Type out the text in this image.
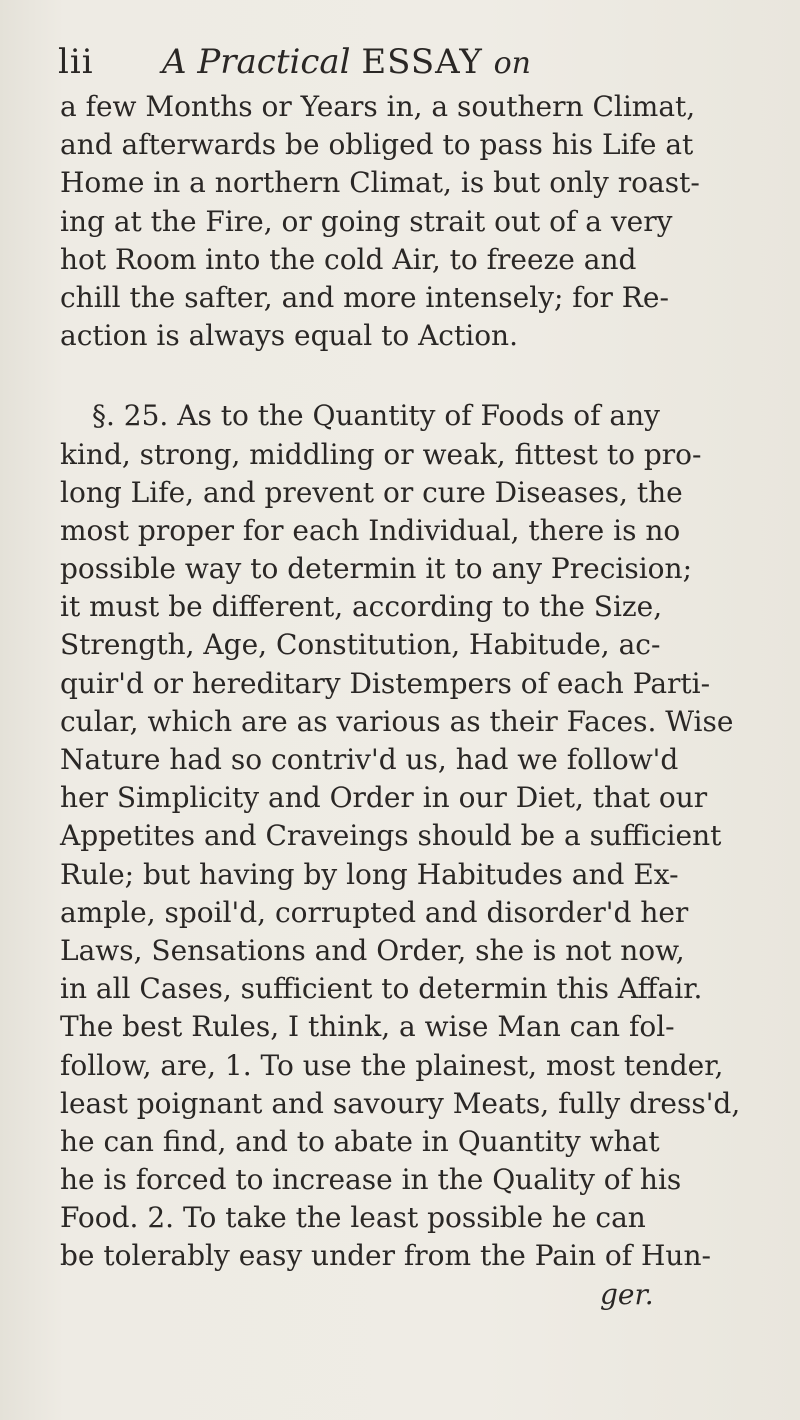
lii A Practical ESSAY on
a few Months or Years in, a southern Climat,
and afterwards be obliged to pass his Life at
Home in a northern Climat, is but only roast-
ing at the Fire, or going strait out of a very
hot Room into the cold Air, to freeze and
chill the safter, and more intensely; for Re-
action is always equal to Action.
§. 25. As to the Quantity of Foods of any
kind, strong, middling or weak, fittest to pro-
long Life, and prevent or cure Diseases, the
most proper for each Individual, there is no
possible way to determin it to any Precision;
it must be different, according to the Size,
Strength, Age, Constitution, Habitude, ac-
quir'd or hereditary Distempers of each Parti-
cular, which are as various as their Faces. Wise
Nature had so contriv'd us, had we follow'd
her Simplicity and Order in our Diet, that our
Appetites and Craveings should be a sufficient
Rule; but having by long Habitudes and Ex-
ample, spoil'd, corrupted and disorder'd her
Laws, Sensations and Order, she is not now,
in all Cases, sufficient to determin this Affair.
The best Rules, I think, a wise Man can fol-
follow, are, 1. To use the plainest, most tender,
least poignant and savoury Meats, fully dress'd,
he can find, and to abate in Quantity what
he is forced to increase in the Quality of his
Food. 2. To take the least possible he can
be tolerably easy under from the Pain of Hun-
ger.
